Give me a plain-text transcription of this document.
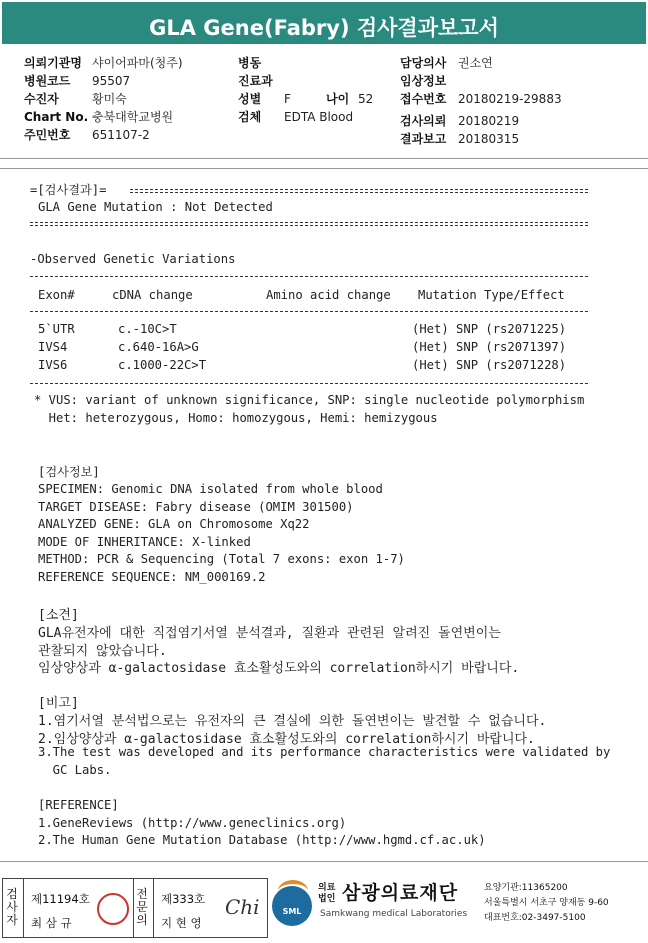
GLA Gene(Fabry) 검사결과보고서
의뢰기관명 샤이어파마(청주)
병원코드 95507
수진자	황미숙
Chart No. 충북대학교병원
주민번호 651107-2
병동
진료과
성별 F	나이 52
검체 EDTA Blood
담당의사 권소연
임상정보
접수번호 20180219-29883
검사의뢰 20180219
결과보고 20180315
=[검사결과]=
GLA Gene Mutation : Not Detected
-Observed Genetic Variations
Exon#	cDNA change	Amino acid change Mutation Type/Effect
5`UTR	c.-10C>T	(Het) SNP (rs2071225)
IVS4	c.640-16A>G	(Het) SNP (rs2071397)
IVS6	c.1000-22C>T	(Het) SNP (rs2071228)
* VUS: variant of unknown significance, SNP: single nucleotide polymorphism
Het: heterozygous, Homo: homozygous, Hemi: hemizygous
[검사정보]
SPECIMEN: Genomic DNA isolated from whole blood
TARGET DISEASE: Fabry disease (OMIM 301500)
ANALYZED GENE: GLA on Chromosome Xq22
MODE OF INHERITANCE: X-linked
METHOD: PCR & Sequencing (Total 7 exons: exon 1-7)
REFERENCE SEQUENCE: NM_000169.2
[소견]
GLA유전자에 대한 직접염기서열 분석결과, 질환과 관련된 알려진 돌연변이는
관찰되지 않았습니다.
임상양상과 α-galactosidase 효소활성도와의 correlation하시기 바랍니다.
[비고]
1.염기서열 분석법으로는 유전자의 큰 결실에 의한 돌연변이는 발견할 수 없습니다.
2.임상양상과 α-galactosidase 효소활성도와의 correlation하시기 바랍니다.
3.The test was developed and its performance characteristics were validated by
GC Labs.
[REFERENCE]
1.GeneReviews (http://www.geneclinics.org)
2.The Human Gene Mutation Database (http://www.hgmd.cf.ac.uk)
검사자
제11194호
최 삼 규
전문의
제333호
지 현 영
Chi	SML
의료
법인 삼광의료재단
Samkwang medical Laboratories
요양기관:11365200
서울특별시 서초구 양재동 9-60
대표번호:02-3497-5100
